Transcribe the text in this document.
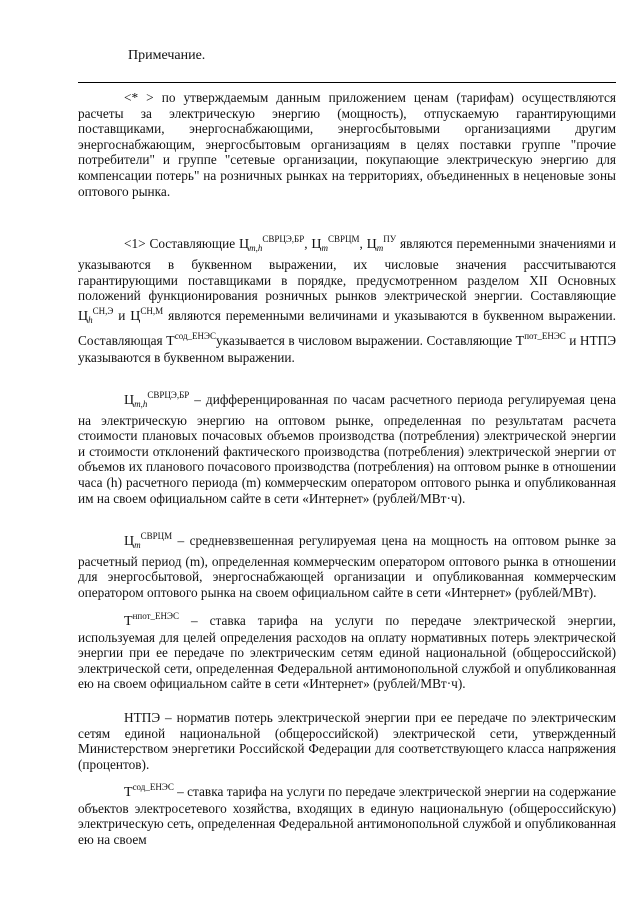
Примечание.

<* > по утверждаемым данным приложением ценам (тарифам) осуществляются расчеты за электрическую энергию (мощность), отпускаемую гарантирующими поставщиками, энергоснабжающими, энергосбытовыми организациями другим энергоснабжающим, энергосбытовым организациям в целях поставки группе "прочие потребители" и группе "сетевые организации, покупающие электрическую энергию для компенсации потерь" на розничных рынках на территориях, объединенных в неценовые зоны оптового рынка.

<1> Составляющие $Ц_{m,h}^{СВРЦЭ,БР}$, $Ц_m^{СВРЦМ}$, $Ц_m^{ПУ}$ являются переменными значениями и указываются в буквенном выражении, их числовые значения рассчитываются гарантирующими поставщиками в порядке, предусмотренном разделом XII Основных положений функционирования розничных рынков электрической энергии. Составляющие $Ц_h^{СН,Э}$ и $Ц^{СН,М}$ являются переменными величинами и указываются в буквенном выражении. Составляющая $Т^{сод\_ЕНЭС}указывается$ в числовом выражении. Составляющие $Т^{пот\_ЕНЭС}$ и НТПЭ указываются в буквенном выражении.

$Ц_{m,h}^{СВРЦЭ,БР}$ – дифференцированная по часам расчетного периода регулируемая цена на электрическую энергию на оптовом рынке, определенная по результатам расчета стоимости плановых почасовых объемов производства (потребления) электрической энергии и стоимости отклонений фактического производства (потребления) электрической энергии от объемов их планового почасового производства (потребления) на оптовом рынке в отношении часа (h) расчетного периода (m) коммерческим оператором оптового рынка и опубликованная им на своем официальном сайте в сети «Интернет» (рублей/МВт·ч).

$Ц_m^{СВРЦМ}$ – средневзвешенная регулируемая цена на мощность на оптовом рынке за расчетный период (m), определенная коммерческим оператором оптового рынка в отношении для энергосбытовой, энергоснабжающей организации и опубликованная коммерческим оператором оптового рынка на своем официальном сайте в сети «Интернет» (рублей/МВт).

$Т^{нпот\_ЕНЭС}$ – ставка тарифа на услуги по передаче электрической энергии, используемая для целей определения расходов на оплату нормативных потерь электрической энергии при ее передаче по электрическим сетям единой национальной (общероссийской) электрической сети, определенная Федеральной антимонопольной службой и опубликованная ею на своем официальном сайте в сети «Интернет» (рублей/МВт·ч).

НТПЭ – норматив потерь электрической энергии при ее передаче по электрическим сетям единой национальной (общероссийской) электрической сети, утвержденный Министерством энергетики Российской Федерации для соответствующего класса напряжения (процентов).

$Т^{сод\_ЕНЭС}$ – ставка тарифа на услуги по передаче электрической энергии на содержание объектов электросетевого хозяйства, входящих в единую национальную (общероссийскую) электрическую сеть, определенная Федеральной антимонопольной службой и опубликованная ею на своем
